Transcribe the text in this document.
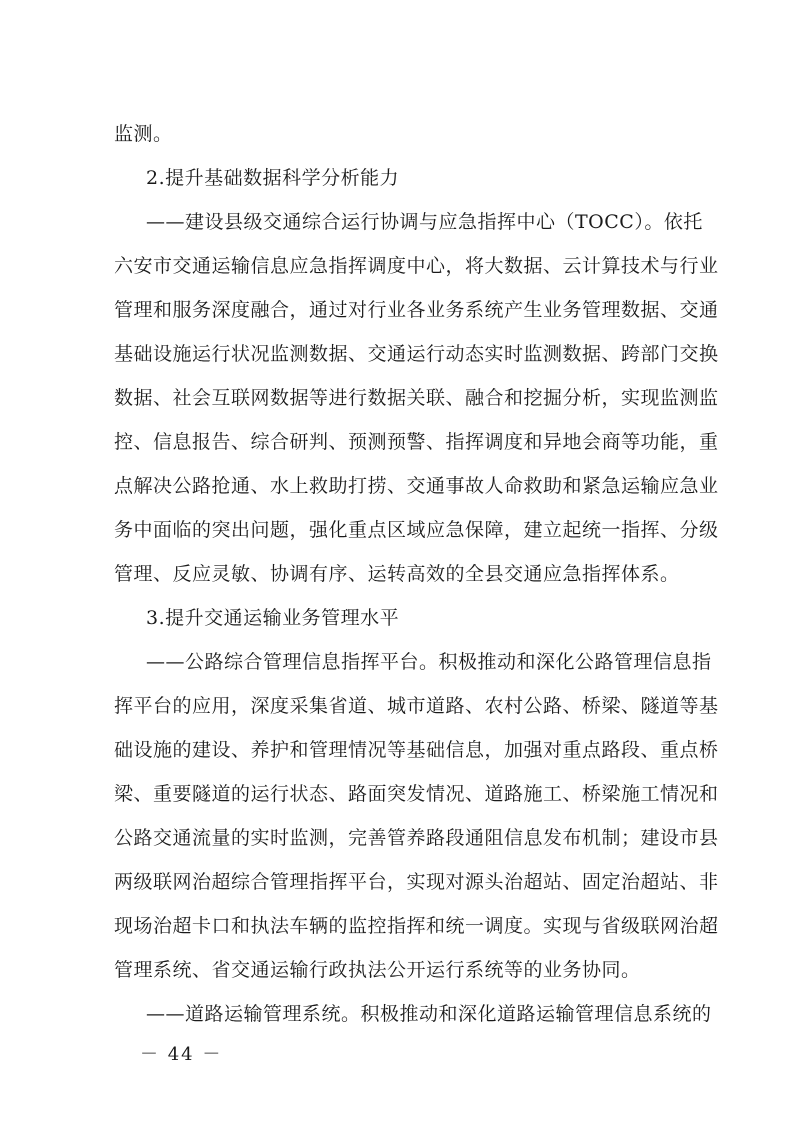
监测。
2.提升基础数据科学分析能力
——建设县级交通综合运行协调与应急指挥中心（TOCC）。依托
六安市交通运输信息应急指挥调度中心，将大数据、云计算技术与行业
管理和服务深度融合，通过对行业各业务系统产生业务管理数据、交通
基础设施运行状况监测数据、交通运行动态实时监测数据、跨部门交换
数据、社会互联网数据等进行数据关联、融合和挖掘分析，实现监测监
控、信息报告、综合研判、预测预警、指挥调度和异地会商等功能，重
点解决公路抢通、水上救助打捞、交通事故人命救助和紧急运输应急业
务中面临的突出问题，强化重点区域应急保障，建立起统一指挥、分级
管理、反应灵敏、协调有序、运转高效的全县交通应急指挥体系。
3.提升交通运输业务管理水平
——公路综合管理信息指挥平台。积极推动和深化公路管理信息指
挥平台的应用，深度采集省道、城市道路、农村公路、桥梁、隧道等基
础设施的建设、养护和管理情况等基础信息，加强对重点路段、重点桥
梁、重要隧道的运行状态、路面突发情况、道路施工、桥梁施工情况和
公路交通流量的实时监测，完善管养路段通阻信息发布机制；建设市县
两级联网治超综合管理指挥平台，实现对源头治超站、固定治超站、非
现场治超卡口和执法车辆的监控指挥和统一调度。实现与省级联网治超
管理系统、省交通运输行政执法公开运行系统等的业务协同。
——道路运输管理系统。积极推动和深化道路运输管理信息系统的
－ 44 －
